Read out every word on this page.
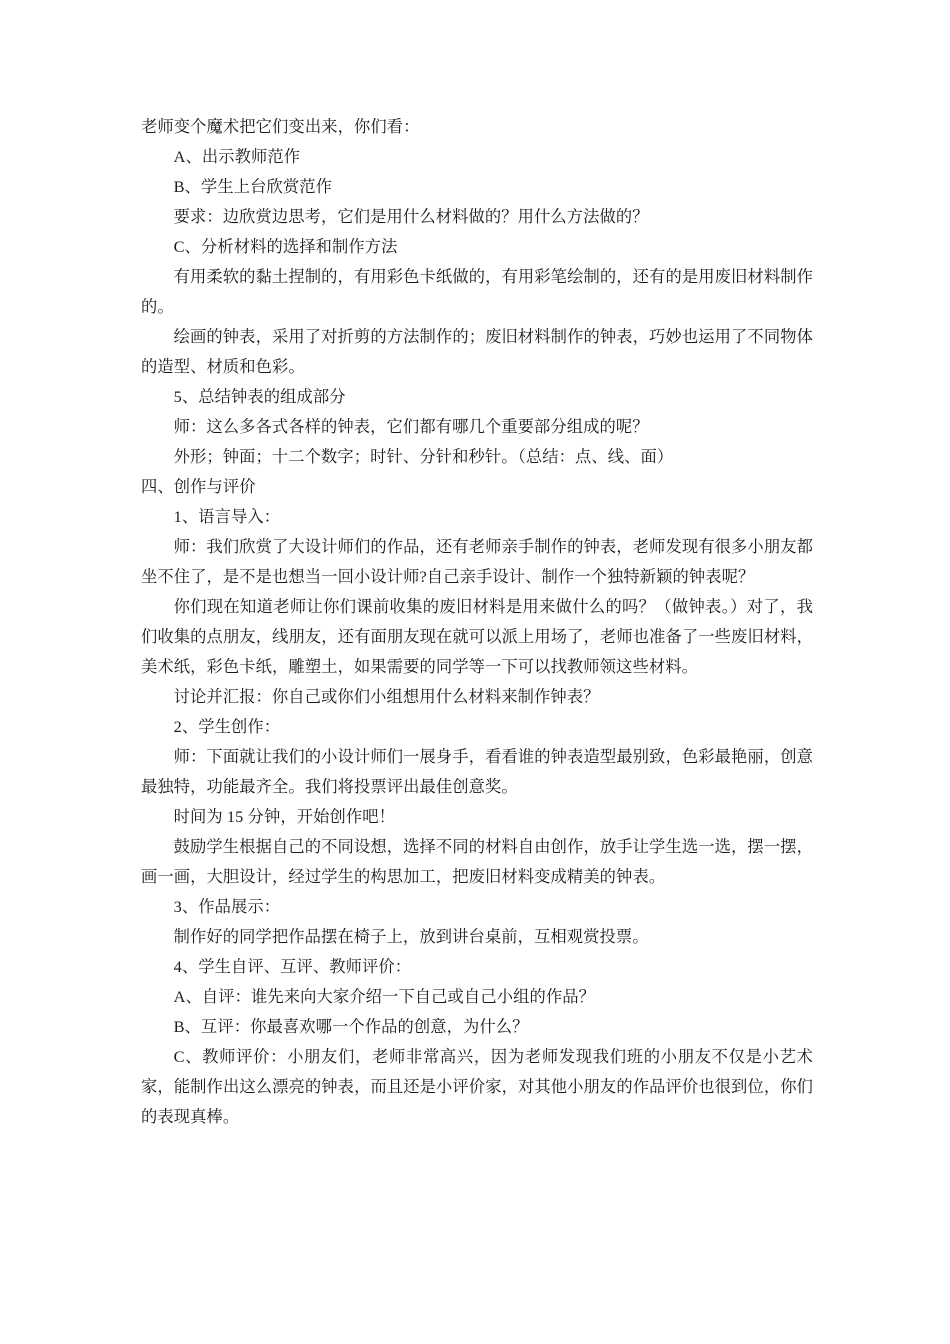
老师变个魔术把它们变出来，你们看：

A、出示教师范作

B、学生上台欣赏范作

要求：边欣赏边思考，它们是用什么材料做的？用什么方法做的？

C、分析材料的选择和制作方法

有用柔软的黏土捏制的，有用彩色卡纸做的，有用彩笔绘制的，还有的是用废旧材料制作的。

绘画的钟表，采用了对折剪的方法制作的；废旧材料制作的钟表，巧妙也运用了不同物体的造型、材质和色彩。

5、总结钟表的组成部分

师：这么多各式各样的钟表，它们都有哪几个重要部分组成的呢？

外形；钟面；十二个数字；时针、分针和秒针。（总结：点、线、面）

四、创作与评价

1、语言导入：

师：我们欣赏了大设计师们的作品，还有老师亲手制作的钟表，老师发现有很多小朋友都坐不住了，是不是也想当一回小设计师?自己亲手设计、制作一个独特新颖的钟表呢？

你们现在知道老师让你们课前收集的废旧材料是用来做什么的吗？（做钟表。）对了，我们收集的点朋友，线朋友，还有面朋友现在就可以派上用场了，老师也准备了一些废旧材料，美术纸，彩色卡纸，雕塑土，如果需要的同学等一下可以找教师领这些材料。

讨论并汇报：你自己或你们小组想用什么材料来制作钟表？

2、学生创作：

师：下面就让我们的小设计师们一展身手，看看谁的钟表造型最别致，色彩最艳丽，创意最独特，功能最齐全。我们将投票评出最佳创意奖。

时间为 15 分钟，开始创作吧！

鼓励学生根据自己的不同设想，选择不同的材料自由创作，放手让学生选一选，摆一摆，画一画，大胆设计，经过学生的构思加工，把废旧材料变成精美的钟表。

3、作品展示：

制作好的同学把作品摆在椅子上，放到讲台桌前，互相观赏投票。

4、学生自评、互评、教师评价：

A、自评：谁先来向大家介绍一下自己或自己小组的作品？

B、互评：你最喜欢哪一个作品的创意，为什么？

C、教师评价：小朋友们，老师非常高兴，因为老师发现我们班的小朋友不仅是小艺术家，能制作出这么漂亮的钟表，而且还是小评价家，对其他小朋友的作品评价也很到位，你们的表现真棒。
